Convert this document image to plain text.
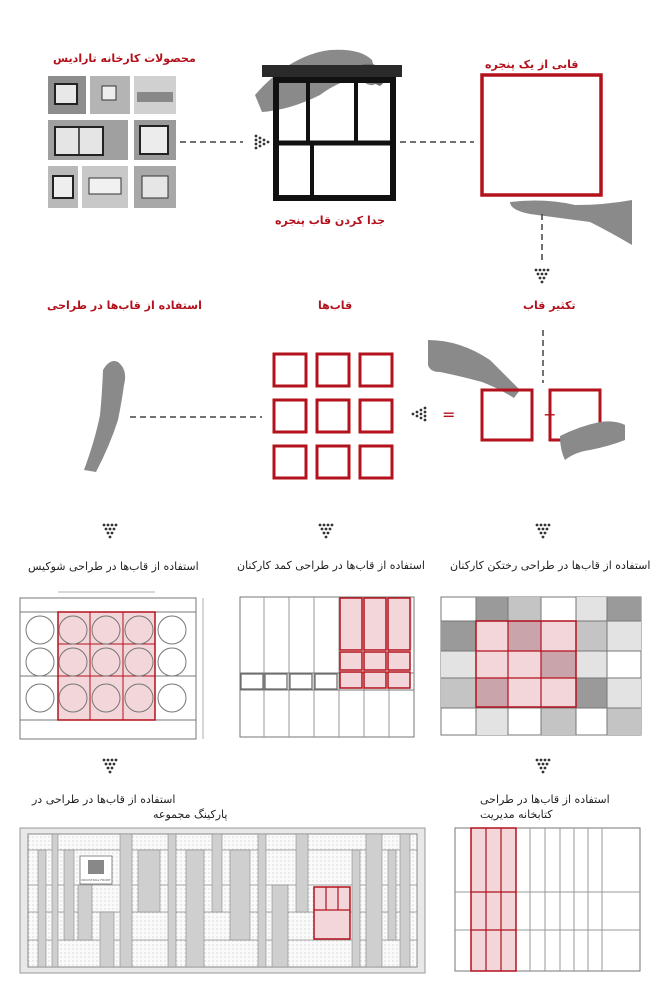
محصولات کارخانه تارادیس	قابی از یک پنجره
جدا کردن قاب پنجره
تکثیر قاب
قاب‌ها
استفاده از قاب‌ها در طراحی
استفاده از قاب‌ها در طراحی شوکیس	استفاده از قاب‌ها در طراحی کمد کارکنان استفاده از قاب‌ها در طراحی رختکن کارکنان
استفاده از قاب‌ها در طراحی در
پارکینگ مجموعه
استفاده از قاب‌ها در طراحی
کتابخانه مدیریت
+
=
INDUSTRIAL FRONT
